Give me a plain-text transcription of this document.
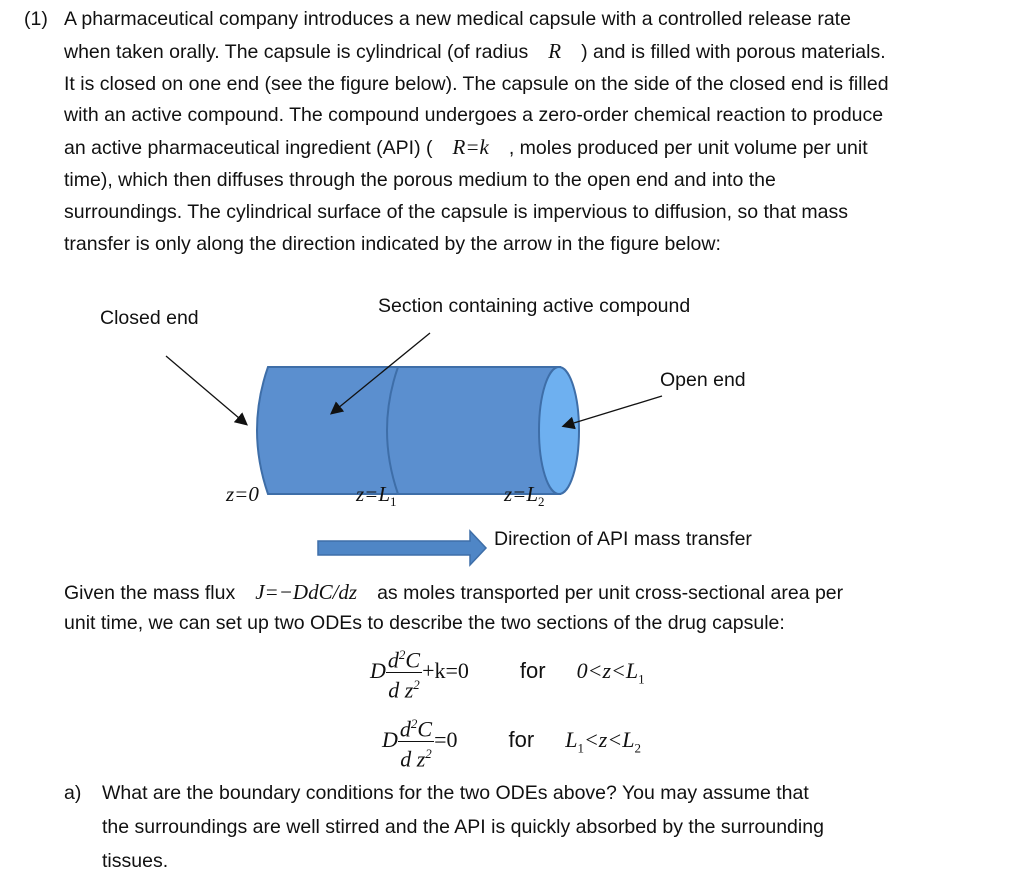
(1) A pharmaceutical company introduces a new medical capsule with a controlled release rate

when taken orally. The capsule is cylindrical (of radius R ) and is filled with porous materials.

It is closed on one end (see the figure below). The capsule on the side of the closed end is filled

with an active compound. The compound undergoes a zero-order chemical reaction to produce

an active pharmaceutical ingredient (API) ( R=k , moles produced per unit volume per unit

time), which then diffuses through the porous medium to the open end and into the

surroundings. The cylindrical surface of the capsule is impervious to diffusion, so that mass

transfer is only along the direction indicated by the arrow in the figure below:

Closed end
Section containing active compound
Open end
z=0	$z=L_1$	$z=L_2$
Direction of API mass transfer
Given the mass flux J=−DdC/dz as moles transported per unit cross-sectional area per
unit time, we can set up two ODEs to describe the two sections of the drug capsule:
D $\frac{d^2C}{d z^2} +k=0$ for $0<z<L_1$
D $\frac{d^2C}{d z^2} =0$ for $L_1<z<L_2$
a) What are the boundary conditions for the two ODEs above? You may assume that

the surroundings are well stirred and the API is quickly absorbed by the surrounding

tissues.
